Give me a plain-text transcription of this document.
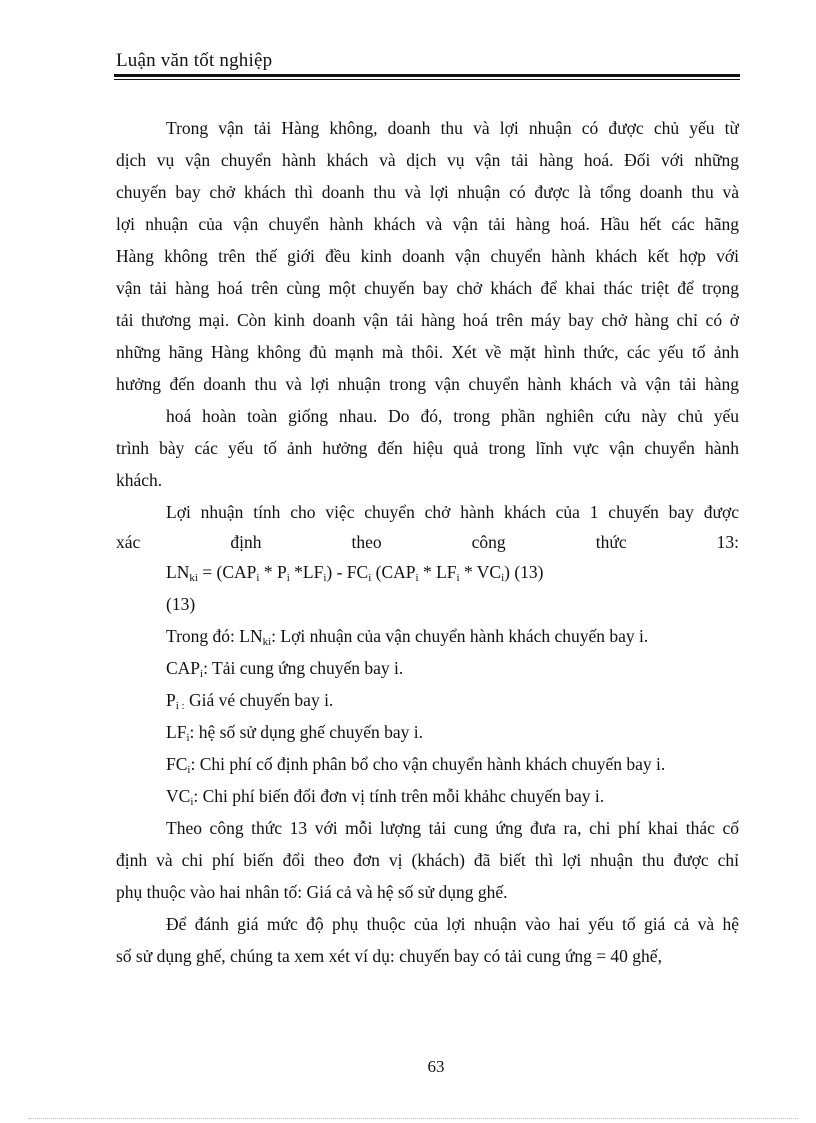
Luận văn tốt nghiệp
Trong vận tải Hàng không, doanh thu và lợi nhuận có được chủ yếu từ
dịch vụ vận chuyển hành khách và dịch vụ vận tải hàng hoá. Đối với những
chuyến bay chở khách thì doanh thu và lợi nhuận có được là tổng doanh thu và
lợi nhuận của vận chuyển hành khách và vận tải hàng hoá. Hầu hết các hãng
Hàng không trên thế giới đều kinh doanh vận chuyển hành khách kết hợp với
vận tải hàng hoá trên cùng một chuyến bay chở khách để khai thác triệt để trọng
tải thương mại. Còn kinh doanh vận tải hàng hoá trên máy bay chở hàng chỉ có ở
những hãng Hàng không đủ mạnh mà thôi. Xét về mặt hình thức, các yếu tố ảnh
hưởng đến doanh thu và lợi nhuận trong vận chuyển hành khách và vận tải hàng
hoá hoàn toàn giống nhau. Do đó, trong phần nghiên cứu này chủ yếu
trình bày các yếu tố ảnh hưởng đến hiệu quả trong lĩnh vực vận chuyển hành
khách.
Lợi nhuận tính cho việc chuyển chở hành khách của 1 chuyến bay được
xác	định	theo	công	thức	13:
$LN_{ki} = (CAP_i * P_i$ $*LF_i) - FC_i$ $(CAP_i * LF_i * VC_i)$ (13)
(13)
Trong đó: $LN_{ki}$: Lợi nhuận của vận chuyển hành khách chuyến bay i.
$CAP_i$: Tải cung ứng chuyến bay i.
$P_{i :}$ Giá vé chuyến bay i.
$LF_i$: hệ số sử dụng ghế chuyến bay i.
$FC_i$: Chi phí cố định phân bổ cho vận chuyển hành khách chuyến bay i.
$VC_i$: Chi phí biến đổi đơn vị tính trên mỗi khảhc chuyến bay i.
Theo công thức 13 với mỗi lượng tải cung ứng đưa ra, chi phí khai thác cố
định và chi phí biến đổi theo đơn vị (khách) đã biết thì lợi nhuận thu được chỉ
phụ thuộc vào hai nhân tố: Giá cả và hệ số sử dụng ghế.
Để đánh giá mức độ phụ thuộc của lợi nhuận vào hai yếu tố giá cả và hệ
số sử dụng ghế, chúng ta xem xét ví dụ: chuyến bay có tải cung ứng = 40 ghế,
63
